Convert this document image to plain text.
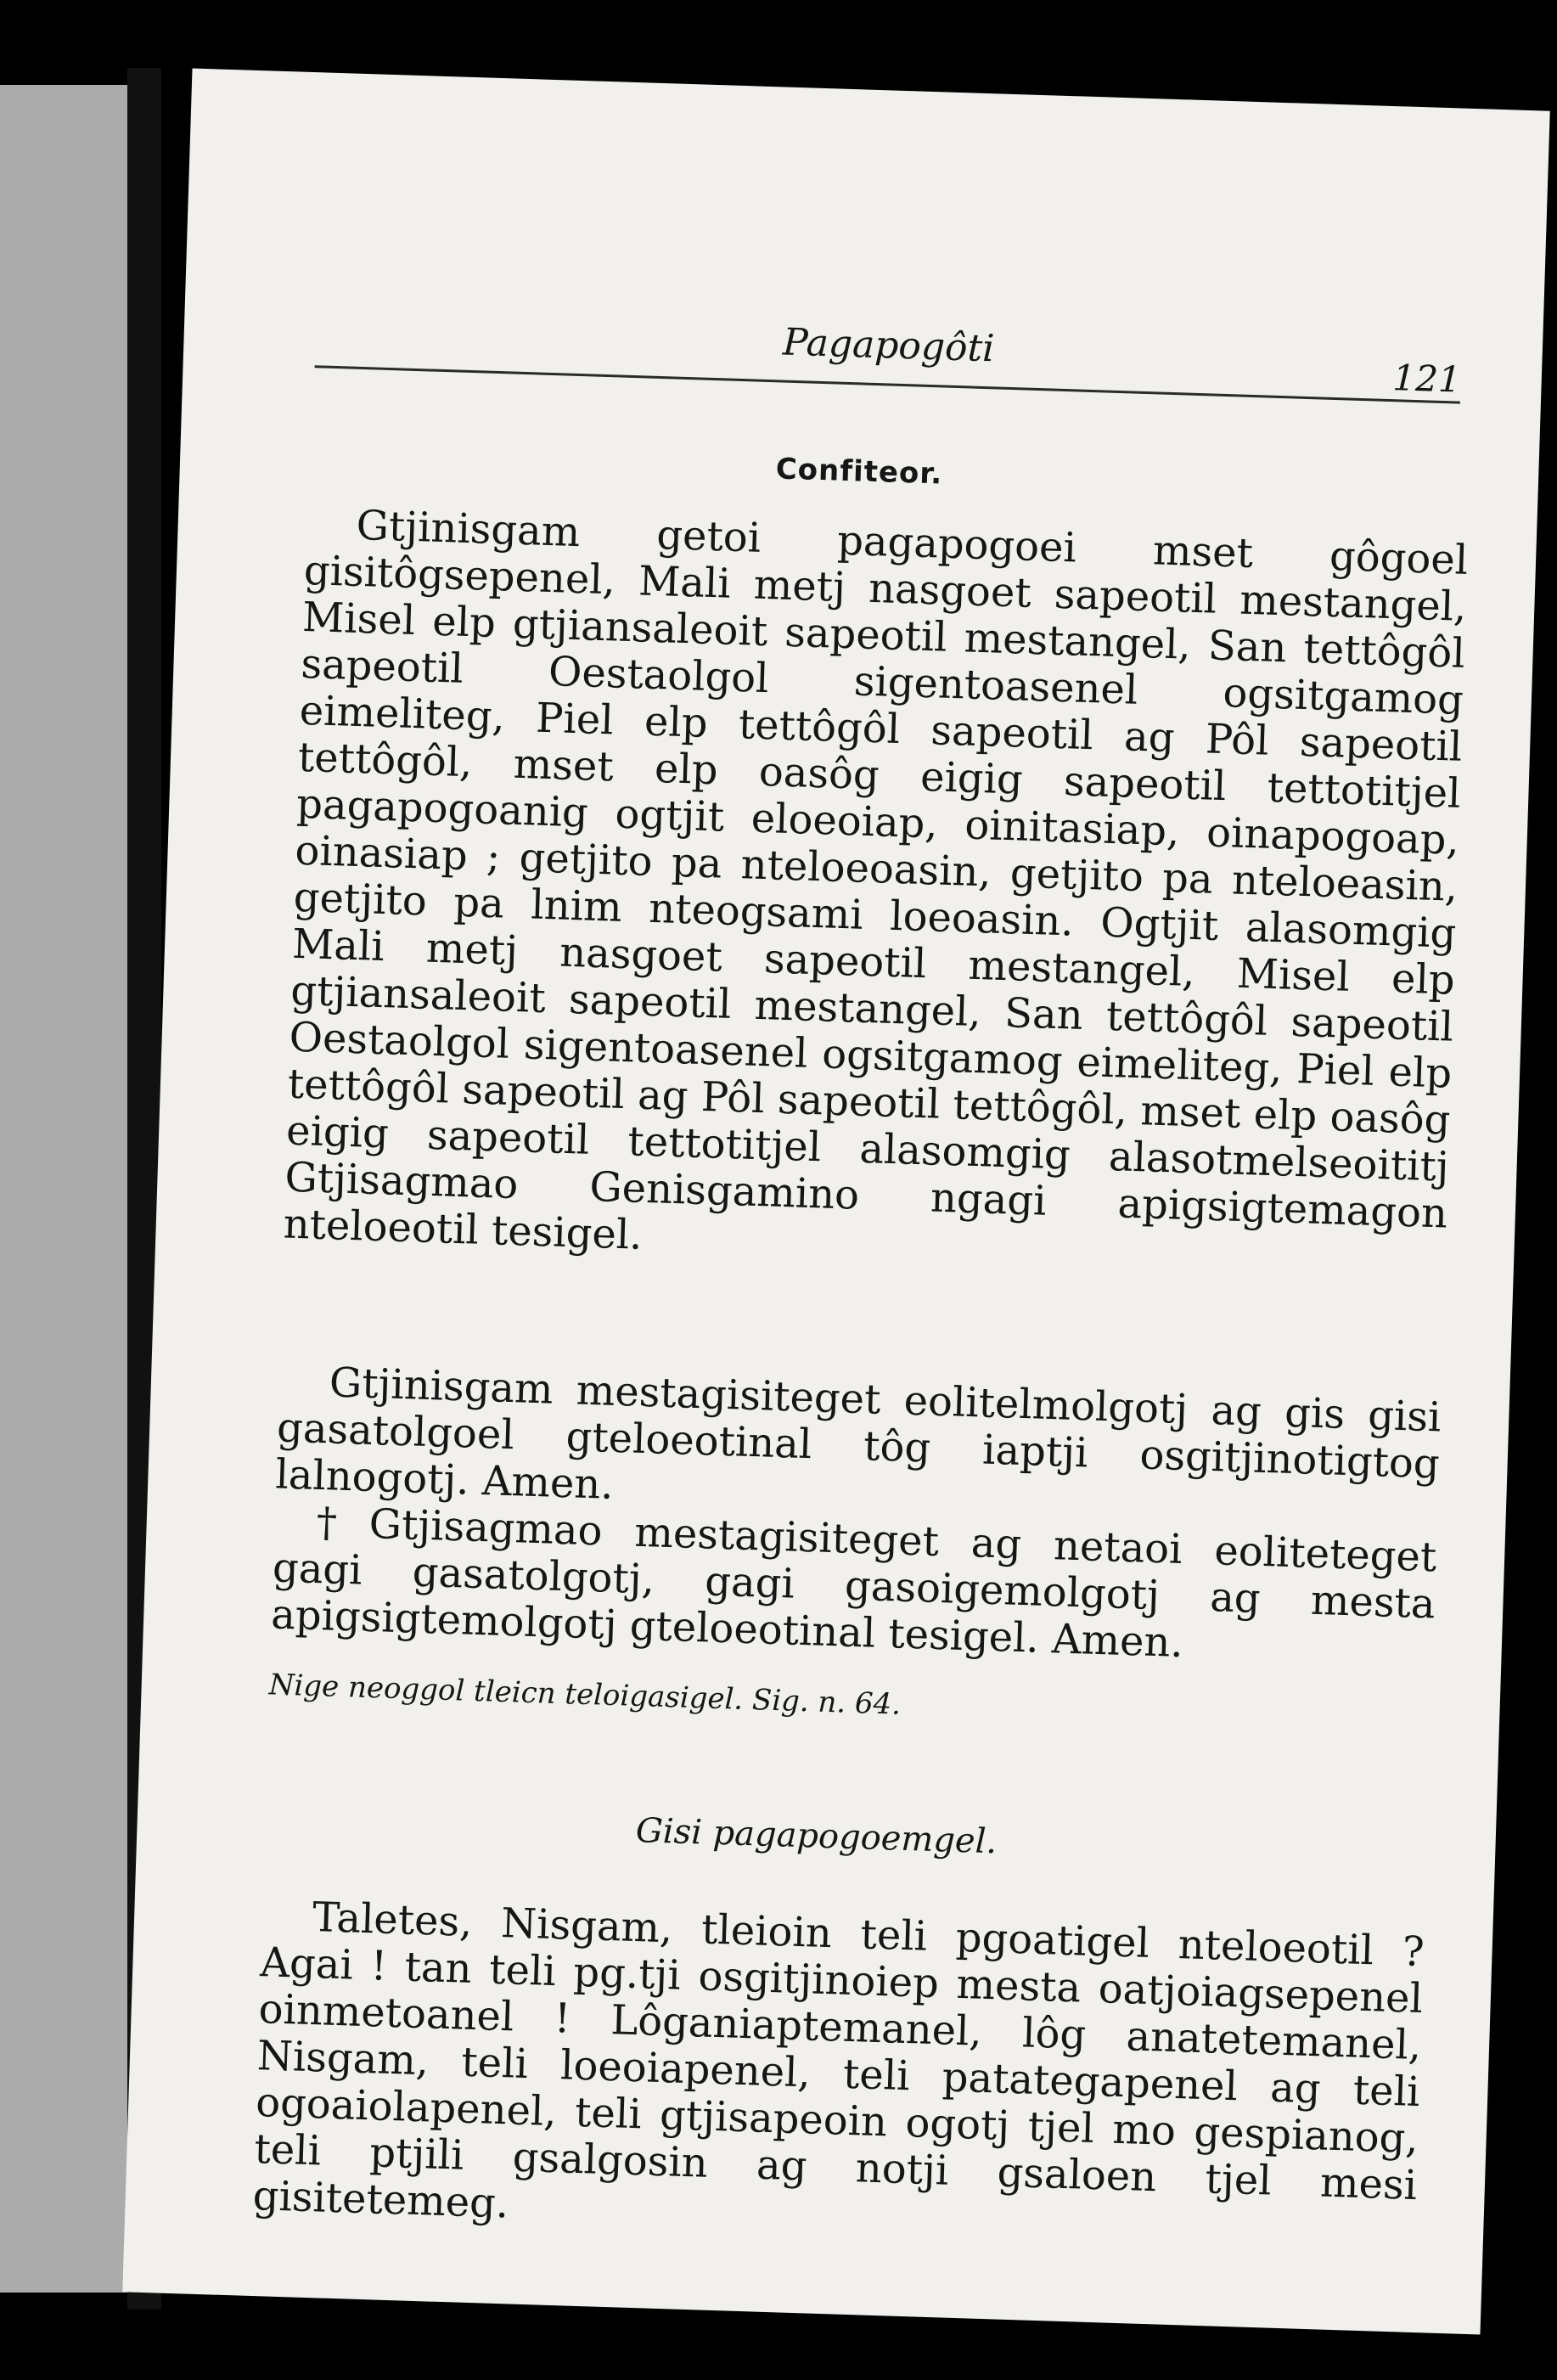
Pagapogôti
121
Confiteor.

Gtjinisgam getoi pagapogoei mset gôgoel gisitôgsepenel, Mali metj nasgoet sapeotil mestangel, Misel elp gtjiansaleoit sapeotil mestangel, San tettôgôl sapeotil Oestaolgol sigentoasenel ogsitgamog eimeliteg, Piel elp tettôgôl sapeotil ag Pôl sapeotil tettôgôl, mset elp oasôg eigig sapeotil tettotitjel pagapogoanig ogtjit eloeoiap, oinitasiap, oinapogoap, oinasiap ; getjito pa nteloeoasin, getjito pa nteloeasin, getjito pa lnim nteogsami loeoasin. Ogtjit alasomgig Mali metj nasgoet sapeotil mestangel, Misel elp gtjiansaleoit sapeotil mestangel, San tettôgôl sapeotil Oestaolgol sigentoasenel ogsitgamog eimeliteg, Piel elp tettôgôl sapeotil ag Pôl sapeotil tettôgôl, mset elp oasôg eigig sapeotil tettotitjel alasomgig alasotmelseoititj Gtjisagmao Genisgamino ngagi apigsigtemagon nteloeotil tesigel.

Gtjinisgam mestagisiteget eolitelmolgotj ag gis gisi gasatolgoel gteloeotinal tôg iaptji osgitjinotigtog lalnogotj. Amen.

† Gtjisagmao mestagisiteget ag netaoi eoliteteget gagi gasatolgotj, gagi gasoigemolgotj ag mesta apigsigtemolgotj gteloeotinal tesigel. Amen.

Nige neoggol tleicn teloigasigel. Sig. n. 64.
Gisi pagapogoemgel.

Taletes, Nisgam, tleioin teli pgoatigel nteloeotil ? Agai ! tan teli pg.tji osgitjinoiep mesta oatjoiagsepenel oinmetoanel ! Lôganiaptemanel, lôg anatetemanel, Nisgam, teli loeoiapenel, teli patategapenel ag teli ogoaiolapenel, teli gtjisapeoin ogotj tjel mo gespianog, teli ptjili gsalgosin ag notji gsaloen tjel mesi gisitetemeg.
